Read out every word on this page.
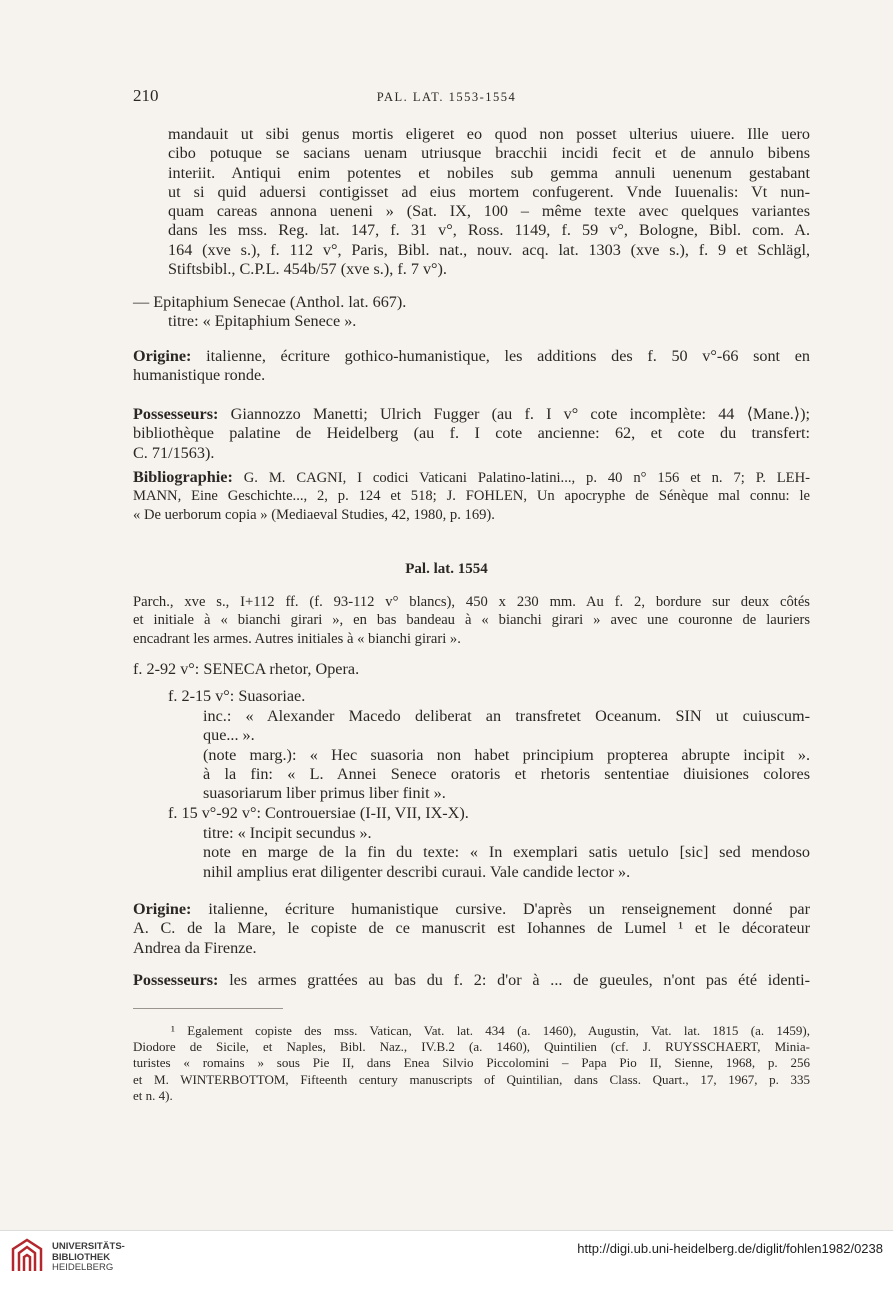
210	PAL. LAT. 1553-1554
mandauit ut sibi genus mortis eligeret eo quod non posset ulterius uiuere. Ille uero
cibo potuque se sacians uenam utriusque bracchii incidi fecit et de annulo bibens
interiit. Antiqui enim potentes et nobiles sub gemma annuli uenenum gestabant
ut si quid aduersi contigisset ad eius mortem confugerent. Vnde Iuuenalis: Vt nun-
quam careas annona ueneni » (Sat. IX, 100 – même texte avec quelques variantes
dans les mss. Reg. lat. 147, f. 31 v°, Ross. 1149, f. 59 v°, Bologne, Bibl. com. A.
164 (xve s.), f. 112 v°, Paris, Bibl. nat., nouv. acq. lat. 1303 (xve s.), f. 9 et Schlägl,
Stiftsbibl., C.P.L. 454b/57 (xve s.), f. 7 v°).
— Epitaphium Senecae (Anthol. lat. 667).
titre: « Epitaphium Senece ».
Origine: italienne, écriture gothico-humanistique, les additions des f. 50 v°-66 sont en
humanistique ronde.
Possesseurs: Giannozzo Manetti; Ulrich Fugger (au f. I v° cote incomplète: 44 ⟨Mane.⟩);
bibliothèque palatine de Heidelberg (au f. I cote ancienne: 62, et cote du transfert:
C. 71/1563).
Bibliographie: G. M. CAGNI, I codici Vaticani Palatino-latini..., p. 40 n° 156 et n. 7; P. LEH-
MANN, Eine Geschichte..., 2, p. 124 et 518; J. FOHLEN, Un apocryphe de Sénèque mal connu: le
« De uerborum copia » (Mediaeval Studies, 42, 1980, p. 169).
Pal. lat. 1554
Parch., xve s., I+112 ff. (f. 93-112 v° blancs), 450 x 230 mm. Au f. 2, bordure sur deux côtés
et initiale à « bianchi girari », en bas bandeau à « bianchi girari » avec une couronne de lauriers
encadrant les armes. Autres initiales à « bianchi girari ».
f. 2-92 v°: SENECA rhetor, Opera.
f. 2-15 v°: Suasoriae.
inc.: « Alexander Macedo deliberat an transfretet Oceanum. SIN ut cuiuscum-
que... ».
(note marg.): « Hec suasoria non habet principium propterea abrupte incipit ».
à la fin: « L. Annei Senece oratoris et rhetoris sententiae diuisiones colores
suasoriarum liber primus liber finit ».
f. 15 v°-92 v°: Controuersiae (I-II, VII, IX-X).
titre: « Incipit secundus ».
note en marge de la fin du texte: « In exemplari satis uetulo [sic] sed mendoso
nihil amplius erat diligenter describi curaui. Vale candide lector ».
Origine: italienne, écriture humanistique cursive. D'après un renseignement donné par
A. C. de la Mare, le copiste de ce manuscrit est Iohannes de Lumel ¹ et le décorateur
Andrea da Firenze.
Possesseurs: les armes grattées au bas du f. 2: d'or à ... de gueules, n'ont pas été identi-
¹ Egalement copiste des mss. Vatican, Vat. lat. 434 (a. 1460), Augustin, Vat. lat. 1815 (a. 1459),
Diodore de Sicile, et Naples, Bibl. Naz., IV.B.2 (a. 1460), Quintilien (cf. J. RUYSSCHAERT, Minia-
turistes « romains » sous Pie II, dans Enea Silvio Piccolomini – Papa Pio II, Sienne, 1968, p. 256
et M. WINTERBOTTOM, Fifteenth century manuscripts of Quintilian, dans Class. Quart., 17, 1967, p. 335
et n. 4).
UNIVERSITÄTS-
BIBLIOTHEK
HEIDELBERG
http://digi.ub.uni-heidelberg.de/diglit/fohlen1982/0238
